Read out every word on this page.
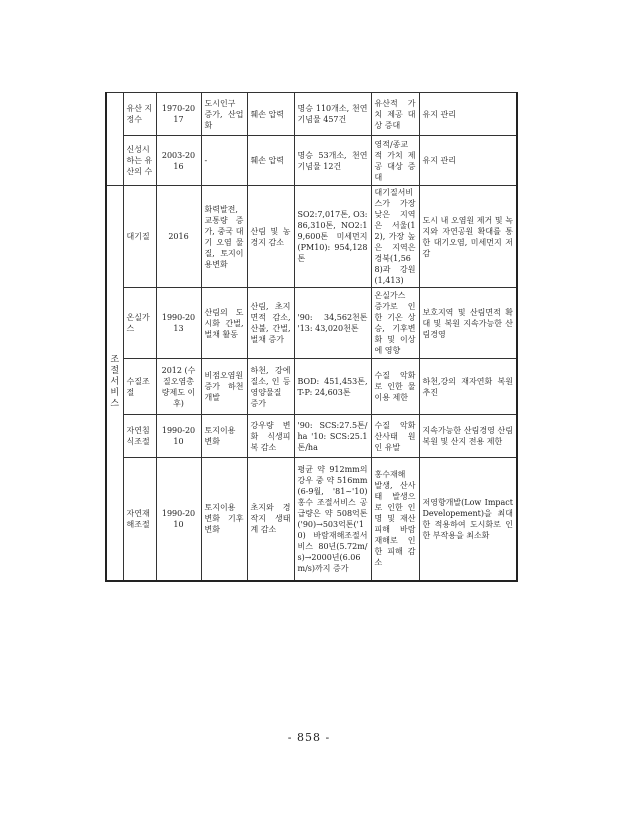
	유산 지정수	1970-2017	도시인구 증가, 산업화	훼손 압력	명승 110개소, 천연기념물 457건	유산적 가치 제공 대상 증대	유지 관리
	신성시하는 유산의 수	2003-2016	-	훼손 압력	명승 53개소, 천연기념물 12건	영적/종교적 가치 제공 대상 증대	유지 관리
조절서비스	대기질	2016	화력발전, 교통량 증가, 중국 대기 오염 물질, 토지이용변화	산림 및 농경지 감소	SO2:7,017톤, O3: 86,310톤, NO2:19,600톤 미세먼지(PM10): 954,128톤	대기질서비스가 가장 낮은 지역은 서울(12), 가장 높은 지역은 경북(1,568)과 강원(1,413)	도시 내 오염원 제거 및 녹지와 자연공원 확대를 통한 대기오염, 미세먼지 저감
	온실가스	1990-2013	산림의 도시화 간벌, 벌채 활동	산림, 초지 면적 감소, 산불, 간벌, 벌채 증가	'90: 34,562천톤 '13: 43,020천톤	온실가스 증가로 인한 기온 상승, 기후변화 및 이상에 영향	보호지역 및 산림면적 확대 및 복원 지속가능한 산림경영
	수질조절	2012 (수질오염총량제도 이후)	비점오염원 증가 하천 개발	하천, 강에 질소, 인 등 영양물질 증가	BOD: 451,453톤, T-P: 24,603톤	수질 악화로 인한 물 이용 제한	하천,강의 재자연화 복원 추진
	자연침식조절	1990-2010	토지이용 변화	강우량 변화 식생피복 감소	'90: SCS:27.5톤/ha '10: SCS:25.1톤/ha	수질 악화 산사태 원인 유발	지속가능한 산림경영 산림 복원 및 산지 전용 제한
	자연재해조절	1990-2010	토지이용 변화 기후변화	초지와 경작지 생태계 감소	평균 약 912mm의 강우 중 약 516mm (6-9월, '81~'10) 홍수 조절서비스 공급량은 약 508억톤('90)→503억톤('10) 바람재해조절서비스 80년(5.72m/s)→2000년(6.06m/s)까지 증가	홍수재해 발생, 산사태 발생으로 인한 인명 및 재산 피해 바람재해로 인한 피해 감소	저영향개발(Low Impact Developement)을 최대한 적용하여 도시화로 인한 부작용을 최소화
- 858 -
